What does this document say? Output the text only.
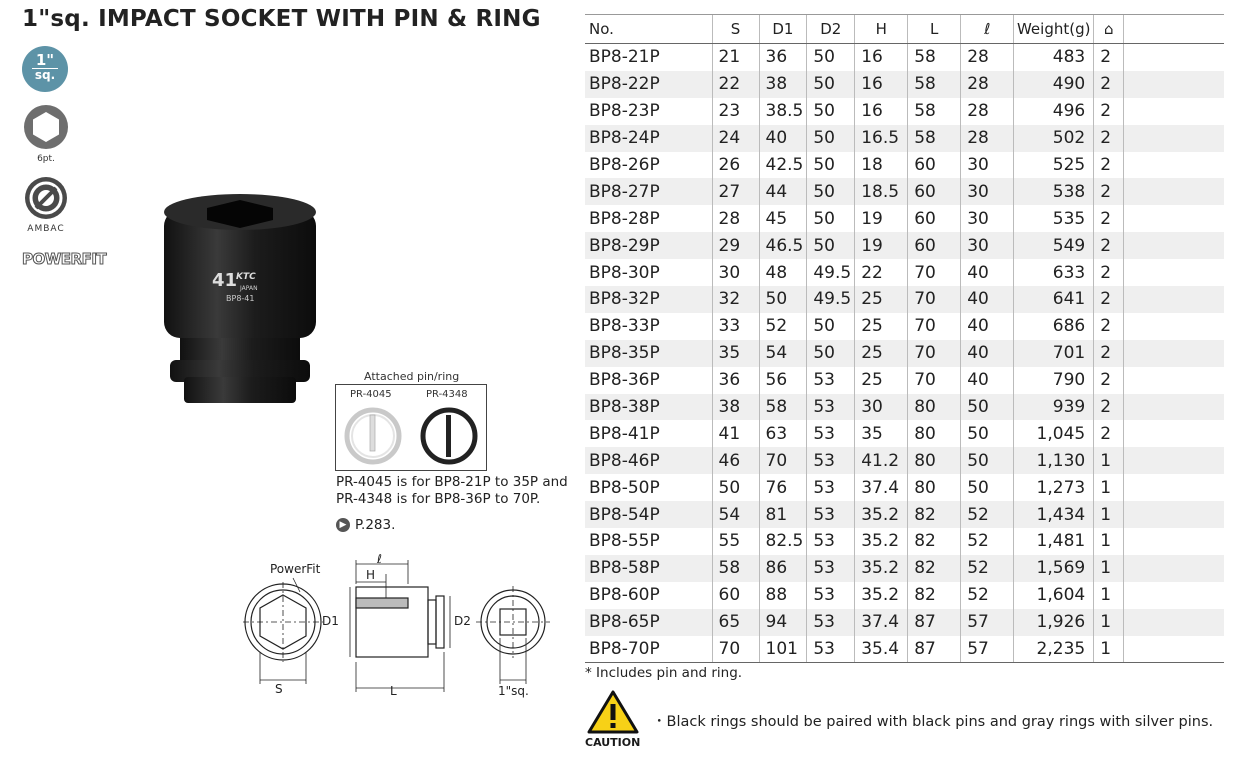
1"sq. IMPACT SOCKET WITH PIN & RING
1"
sq.
6pt.
AMBAC
POWERFIT
41
KTC
JAPAN
BP8-41
Attached pin/ring
PR-4045	PR-4348
PR-4045 is for BP8-21P to 35P and
PR-4348 is for BP8-36P to 70P.
▶ P.283.
PowerFit
S
D1
ℓ
H
L
D2
1"sq.
No.	S	D1	D2	H	L	ℓ	Weight(g)	⌂	
BP8-21P	21	36	50	16	58	28	483	2	
BP8-22P	22	38	50	16	58	28	490	2	
BP8-23P	23	38.5	50	16	58	28	496	2	
BP8-24P	24	40	50	16.5	58	28	502	2	
BP8-26P	26	42.5	50	18	60	30	525	2	
BP8-27P	27	44	50	18.5	60	30	538	2	
BP8-28P	28	45	50	19	60	30	535	2	
BP8-29P	29	46.5	50	19	60	30	549	2	
BP8-30P	30	48	49.5	22	70	40	633	2	
BP8-32P	32	50	49.5	25	70	40	641	2	
BP8-33P	33	52	50	25	70	40	686	2	
BP8-35P	35	54	50	25	70	40	701	2	
BP8-36P	36	56	53	25	70	40	790	2	
BP8-38P	38	58	53	30	80	50	939	2	
BP8-41P	41	63	53	35	80	50	1,045	2	
BP8-46P	46	70	53	41.2	80	50	1,130	1	
BP8-50P	50	76	53	37.4	80	50	1,273	1	
BP8-54P	54	81	53	35.2	82	52	1,434	1	
BP8-55P	55	82.5	53	35.2	82	52	1,481	1	
BP8-58P	58	86	53	35.2	82	52	1,569	1	
BP8-60P	60	88	53	35.2	82	52	1,604	1	
BP8-65P	65	94	53	37.4	87	57	1,926	1	
BP8-70P	70	101	53	35.4	87	57	2,235	1	
* Includes pin and ring.
CAUTION
・Black rings should be paired with black pins and gray rings with silver pins.
